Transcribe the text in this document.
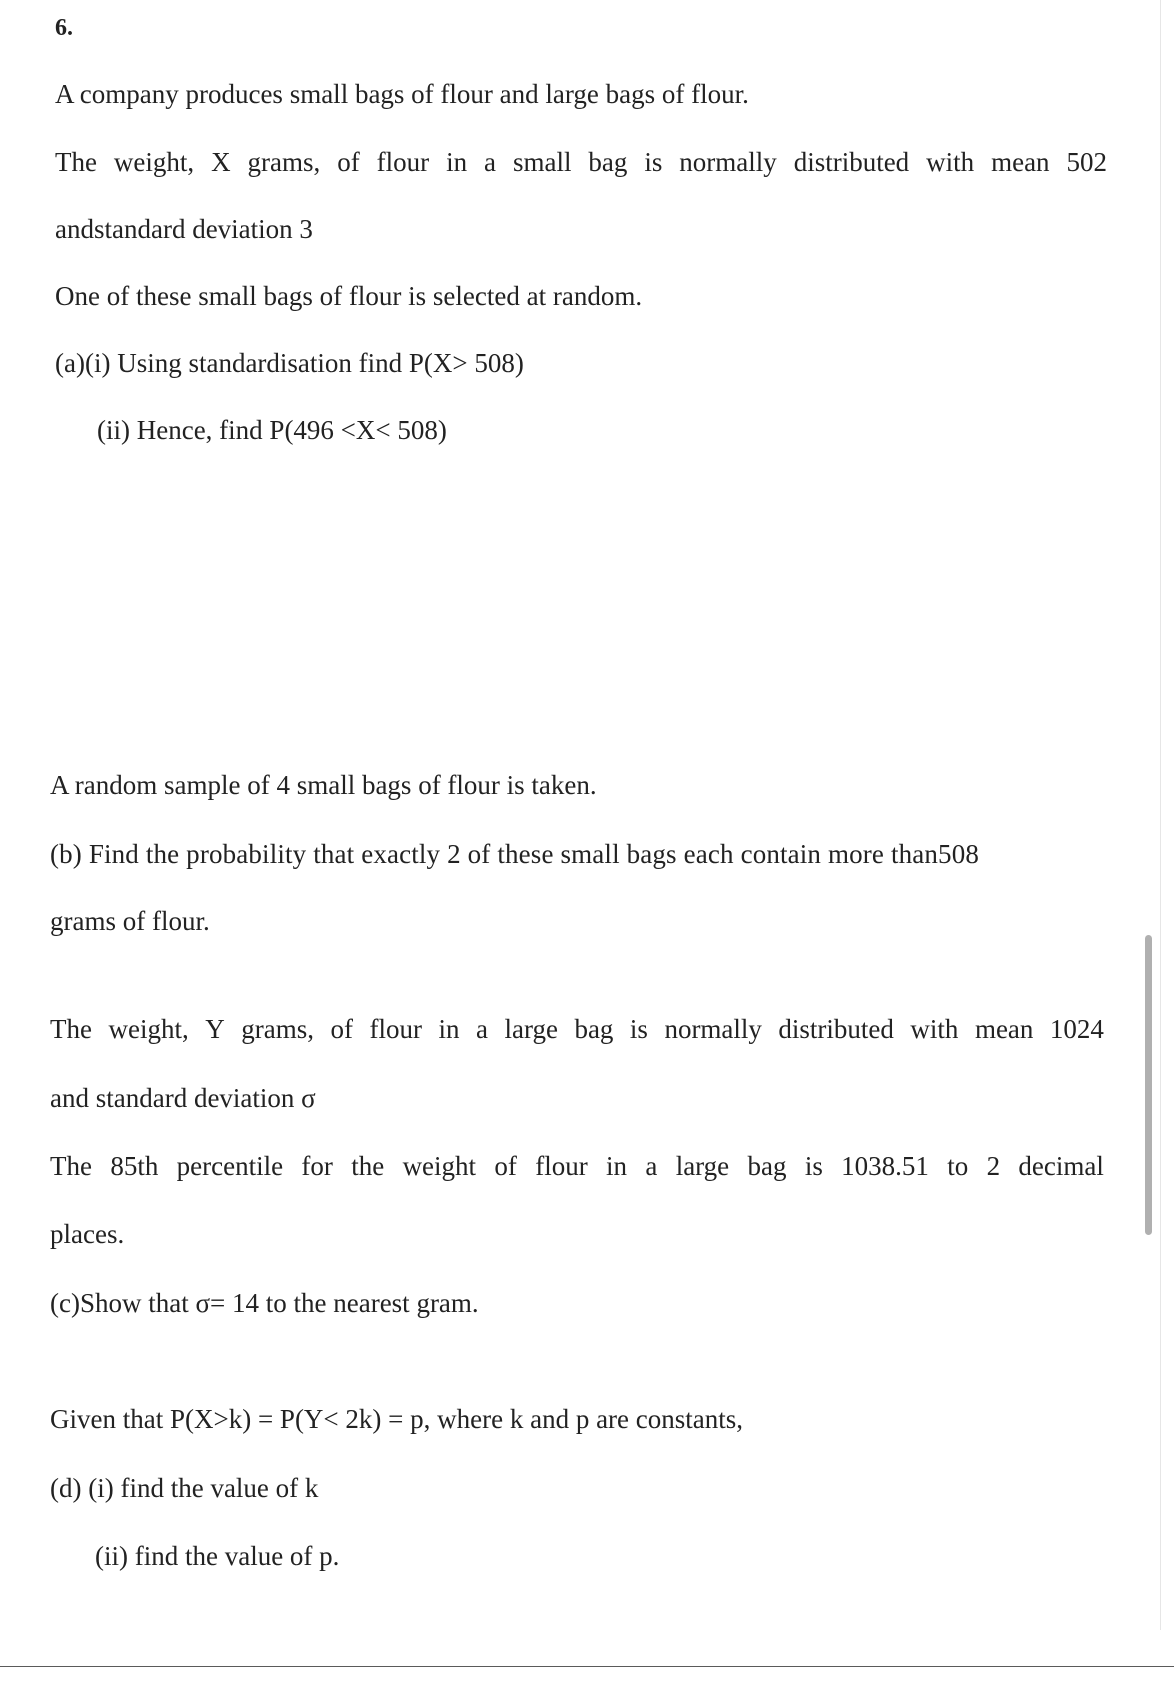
6.
A company produces small bags of flour and large bags of flour.
The weight, X grams, of flour in a small bag is normally distributed with mean 502
andstandard deviation 3
One of these small bags of flour is selected at random.
(a)(i) Using standardisation find P(X> 508)
(ii) Hence, find P(496 <X< 508)
A random sample of 4 small bags of flour is taken.
(b) Find the probability that exactly 2 of these small bags each contain more than508
grams of flour.
The weight, Y grams, of flour in a large bag is normally distributed with mean 1024
and standard deviation σ
The 85th percentile for the weight of flour in a large bag is 1038.51 to 2 decimal
places.
(c)Show that σ= 14 to the nearest gram.
Given that P(X>k) = P(Y< 2k) = p, where k and p are constants,
(d) (i) find the value of k
(ii) find the value of p.
